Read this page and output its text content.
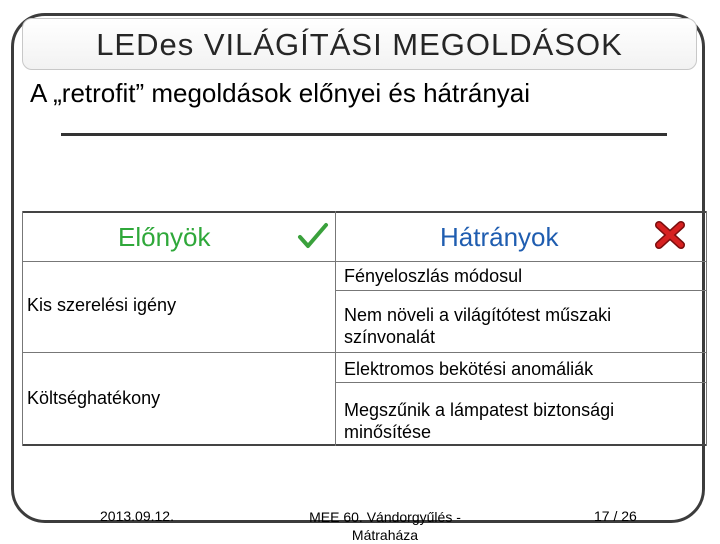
LEDes VILÁGÍTÁSI MEGOLDÁSOK
A „retrofit” megoldások előnyei és hátrányai
Előnyök	Hátrányok
Kis szerelési igény
Költséghatékony
Fényeloszlás módosul
Nem növeli a világítótest műszaki színvonalát
Elektromos bekötési anomáliák
Megszűnik a lámpatest biztonsági minősítése
2013.09.12.	MEE 60. Vándorgyűlés -
Mátraháza
17 / 26
